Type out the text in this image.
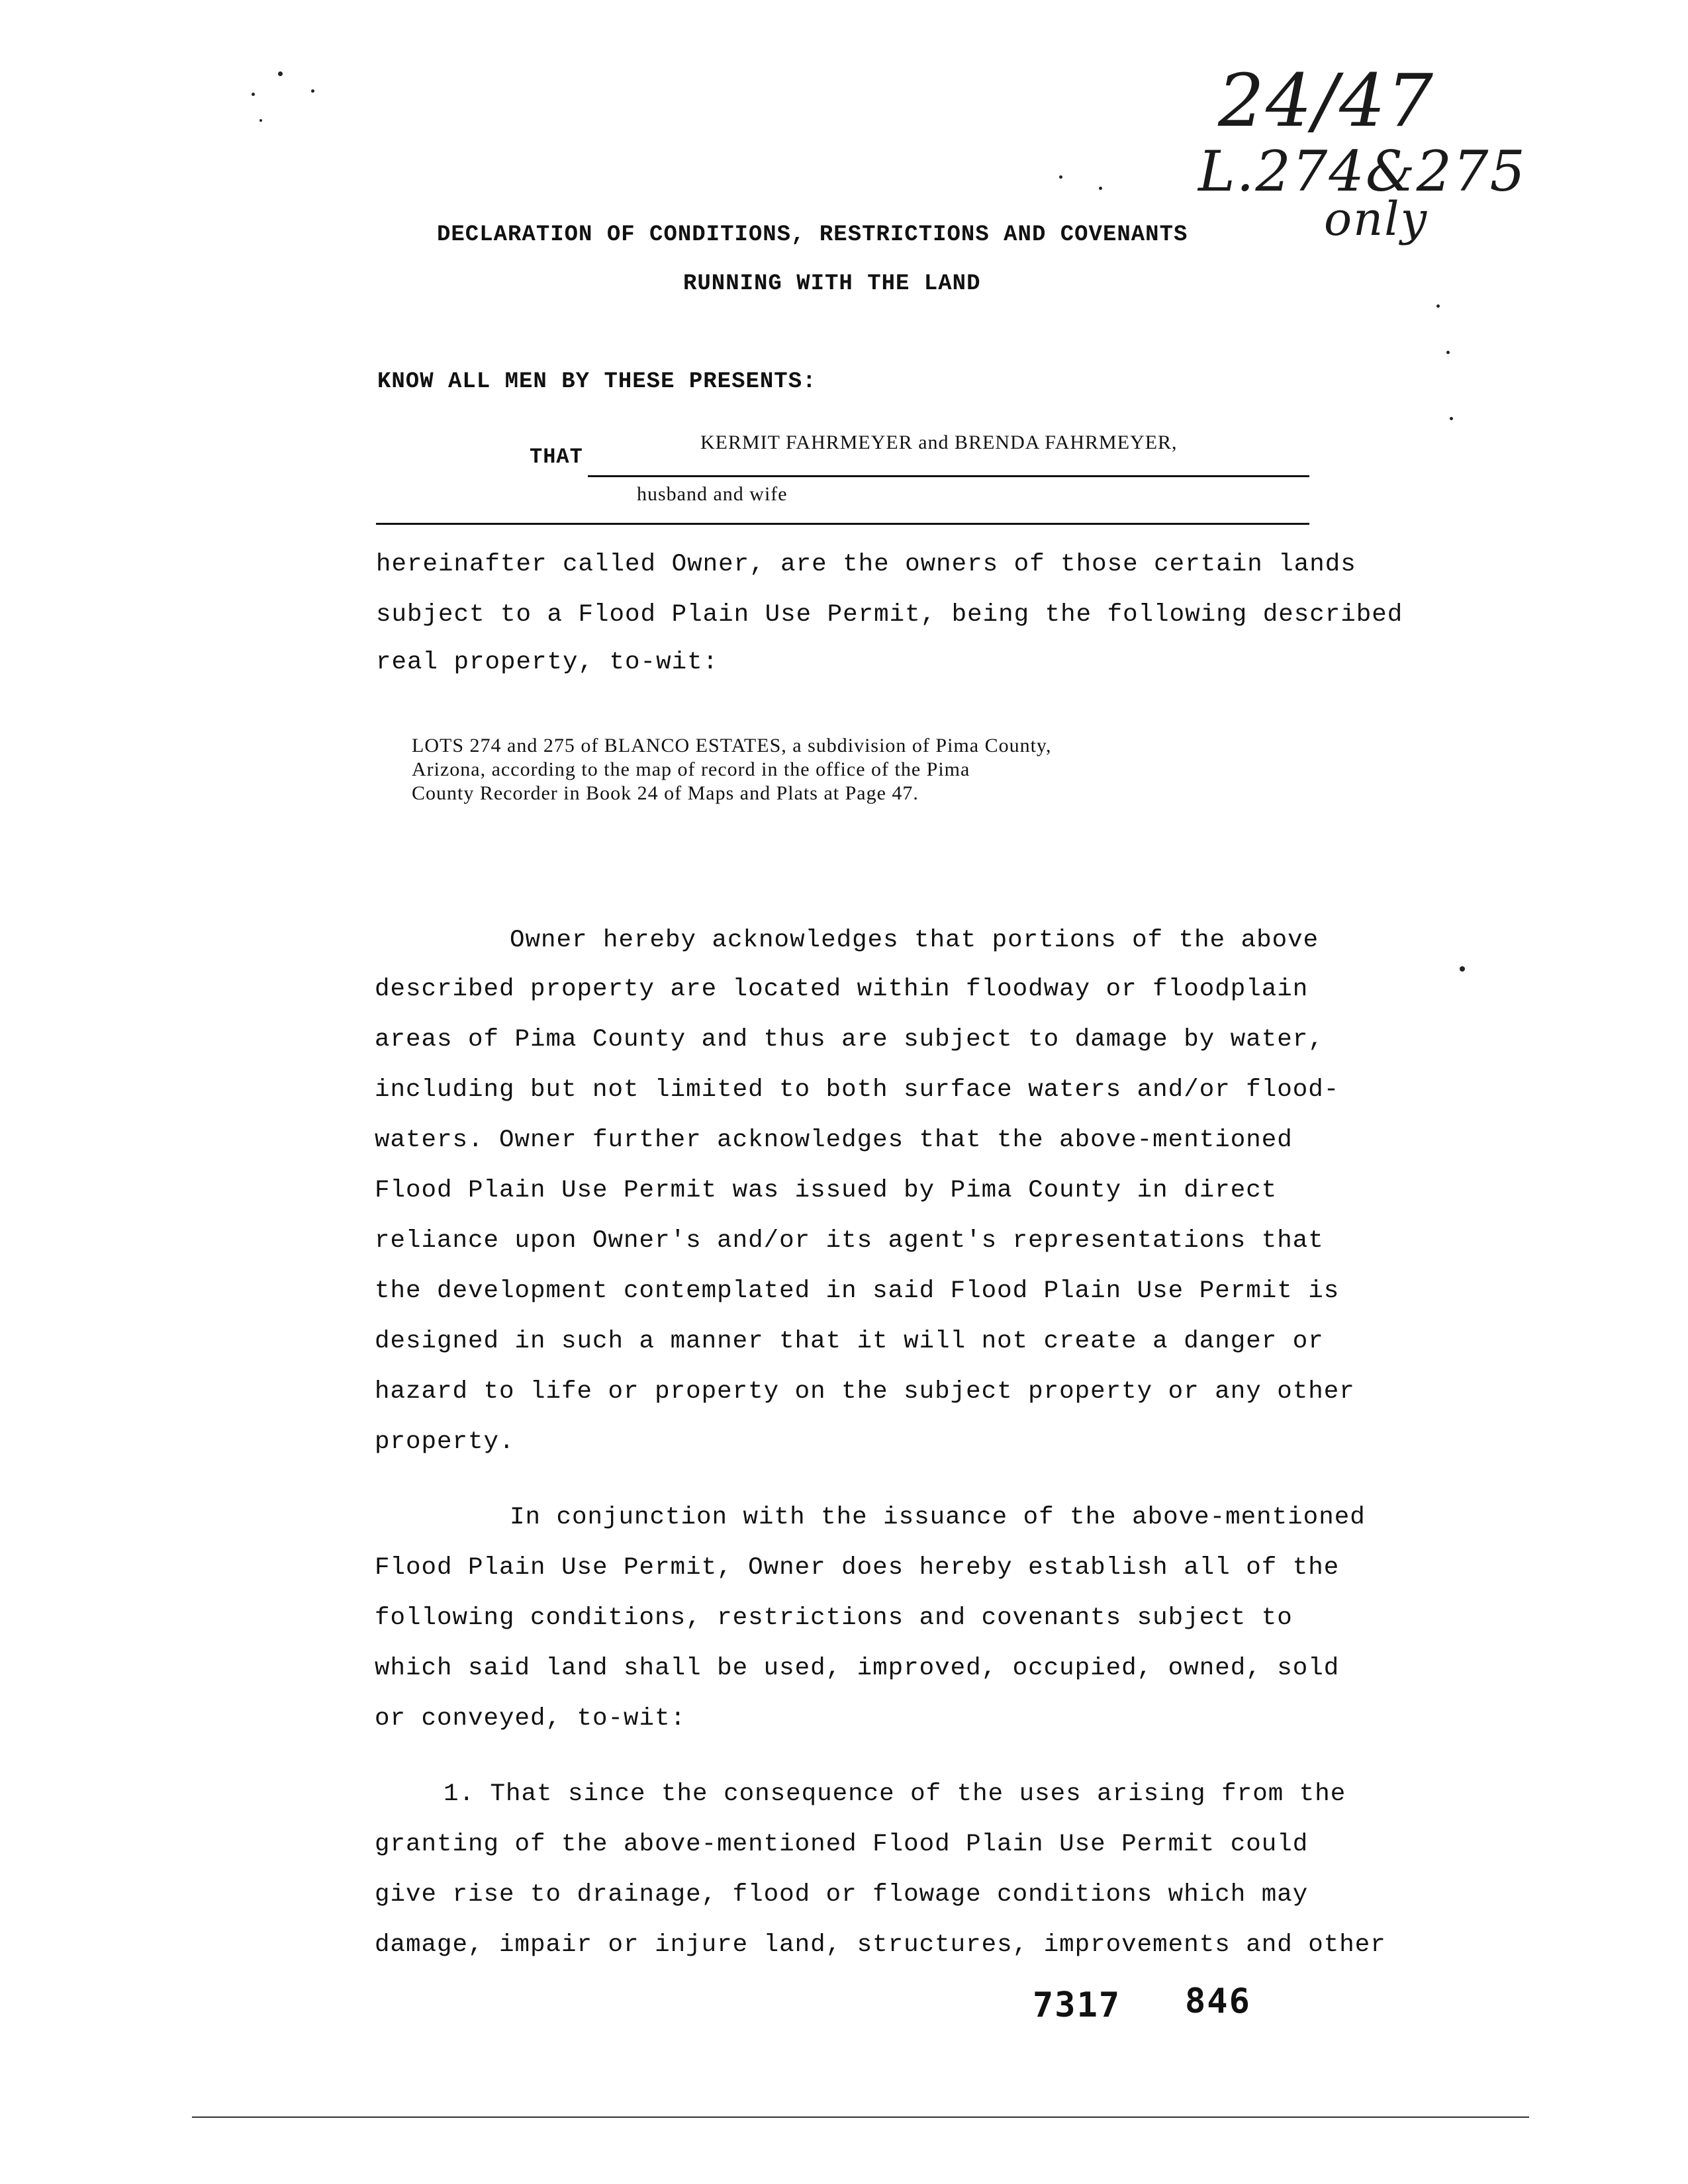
24/47
L.274&275
only
DECLARATION OF CONDITIONS, RESTRICTIONS AND COVENANTS
RUNNING WITH THE LAND
KNOW ALL MEN BY THESE PRESENTS:
THAT
KERMIT FAHRMEYER and BRENDA FAHRMEYER,
husband and wife
hereinafter called Owner, are the owners of those certain lands
subject to a Flood Plain Use Permit, being the following described
real property, to-wit:
LOTS 274 and 275 of BLANCO ESTATES, a subdivision of Pima County,
Arizona, according to the map of record in the office of the Pima
County Recorder in Book 24 of Maps and Plats at Page 47.
Owner hereby acknowledges that portions of the above
described property are located within floodway or floodplain
areas of Pima County and thus are subject to damage by water,
including but not limited to both surface waters and/or flood-
waters. Owner further acknowledges that the above-mentioned
Flood Plain Use Permit was issued by Pima County in direct
reliance upon Owner's and/or its agent's representations that
the development contemplated in said Flood Plain Use Permit is
designed in such a manner that it will not create a danger or
hazard to life or property on the subject property or any other
property.
In conjunction with the issuance of the above-mentioned
Flood Plain Use Permit, Owner does hereby establish all of the
following conditions, restrictions and covenants subject to
which said land shall be used, improved, occupied, owned, sold
or conveyed, to-wit:
1. That since the consequence of the uses arising from the
granting of the above-mentioned Flood Plain Use Permit could
give rise to drainage, flood or flowage conditions which may
damage, impair or injure land, structures, improvements and other
7317 846
